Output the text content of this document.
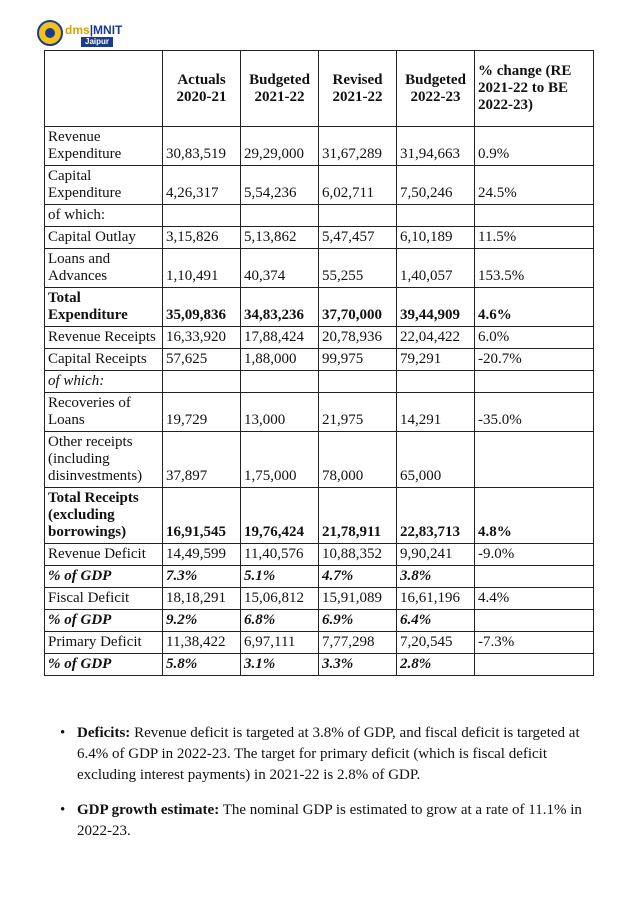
dms|MNIT
Jaipur
	Actuals 2020-21	Budgeted 2021-22	Revised 2021-22	Budgeted 2022-23	% change (RE 2021-22 to BE 2022-23)
Revenue Expenditure	30,83,519	29,29,000	31,67,289	31,94,663	0.9%
Capital Expenditure	4,26,317	5,54,236	6,02,711	7,50,246	24.5%
of which:					
Capital Outlay	3,15,826	5,13,862	5,47,457	6,10,189	11.5%
Loans and Advances	1,10,491	40,374	55,255	1,40,057	153.5%
Total Expenditure	35,09,836	34,83,236	37,70,000	39,44,909	4.6%
Revenue Receipts	16,33,920	17,88,424	20,78,936	22,04,422	6.0%
Capital Receipts	57,625	1,88,000	99,975	79,291	-20.7%
of which:					
Recoveries of Loans	19,729	13,000	21,975	14,291	-35.0%
Other receipts (including disinvestments)	37,897	1,75,000	78,000	65,000	
Total Receipts (excluding borrowings)	16,91,545	19,76,424	21,78,911	22,83,713	4.8%
Revenue Deficit	14,49,599	11,40,576	10,88,352	9,90,241	-9.0%
% of GDP	7.3%	5.1%	4.7%	3.8%	
Fiscal Deficit	18,18,291	15,06,812	15,91,089	16,61,196	4.4%
% of GDP	9.2%	6.8%	6.9%	6.4%	
Primary Deficit	11,38,422	6,97,111	7,77,298	7,20,545	-7.3%
% of GDP	5.8%	3.1%	3.3%	2.8%	
• Deficits: Revenue deficit is targeted at 3.8% of GDP, and fiscal deficit is targeted at 6.4% of GDP in 2022-23. The target for primary deficit (which is fiscal deficit excluding interest payments) in 2021-22 is 2.8% of GDP.
• GDP growth estimate: The nominal GDP is estimated to grow at a rate of 11.1% in 2022-23.
